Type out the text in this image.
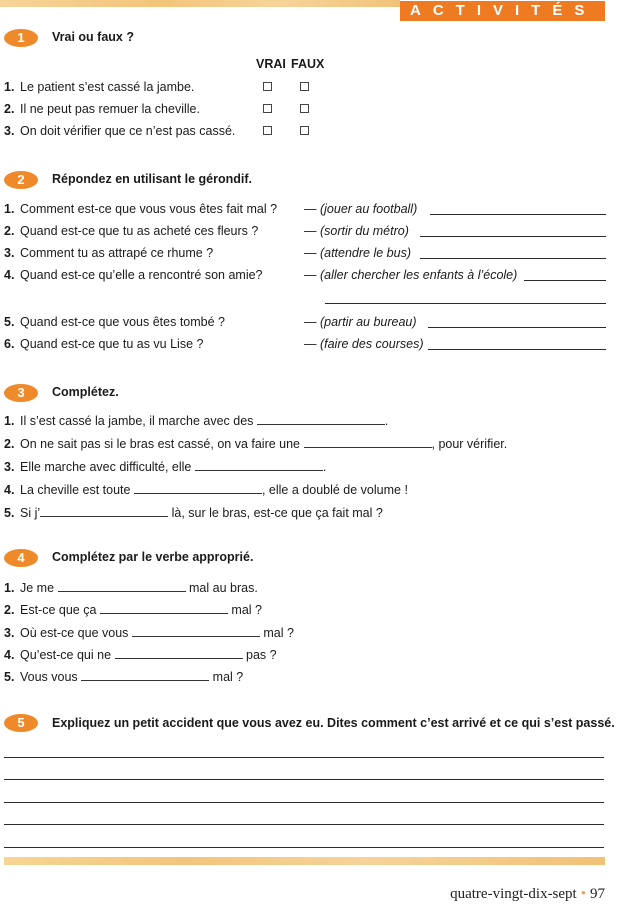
ACTIVITÉS
1	Vrai ou faux ?
VRAI FAUX
1. Le patient s’est cassé la jambe.
2. Il ne peut pas remuer la cheville.
3. On doit vérifier que ce n’est pas cassé.
2	Répondez en utilisant le gérondif.
1. Comment est-ce que vous vous êtes fait mal ? — (jouer au football)
2. Quand est-ce que tu as acheté ces fleurs ?	— (sortir du métro)
3. Comment tu as attrapé ce rhume ?	— (attendre le bus)
4. Quand est-ce qu’elle a rencontré son amie?	— (aller chercher les enfants à l’école)
5. Quand est-ce que vous êtes tombé ?	— (partir au bureau)
6. Quand est-ce que tu as vu Lise ?	— (faire des courses)
3	Complétez.
1. Il s’est cassé la jambe, il marche avec des	.
2. On ne sait pas si le bras est cassé, on va faire une	, pour vérifier.
3. Elle marche avec difficulté, elle	.
4. La cheville est toute	, elle a doublé de volume !
5. Si j’	là, sur le bras, est-ce que ça fait mal ?
4	Complétez par le verbe approprié.
1. Je me	mal au bras.
2. Est-ce que ça	mal ?
3. Où est-ce que vous	mal ?
4. Qu’est-ce qui ne	pas ?
5. Vous vous	mal ?
5	Expliquez un petit accident que vous avez eu. Dites comment c’est arrivé et ce qui s’est passé.
quatre-vingt-dix-sept • 97
